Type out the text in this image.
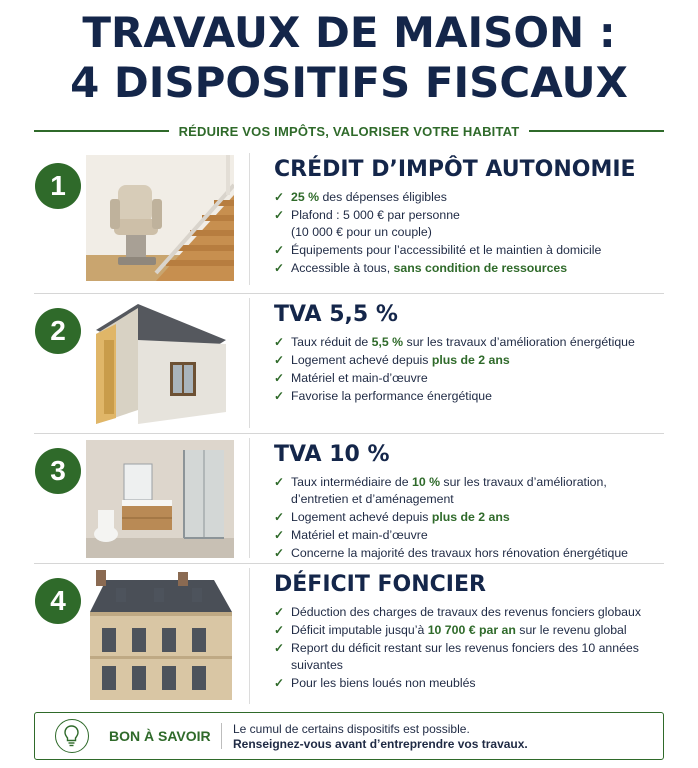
TRAVAUX DE MAISON :
4 DISPOSITIFS FISCAUX
RÉDUIRE VOS IMPÔTS, VALORISER VOTRE HABITAT
1
CRÉDIT D’IMPÔT AUTONOMIE
✓ 25 % des dépenses éligibles
✓ Plafond : 5 000 € par personne
(10 000 € pour un couple)
✓ Équipements pour l’accessibilité et le maintien à domicile
✓ Accessible à tous, sans condition de ressources
2
TVA 5,5 %
✓ Taux réduit de 5,5 % sur les travaux d’amélioration énergétique
✓ Logement achevé depuis plus de 2 ans
✓ Matériel et main-d’œuvre
✓ Favorise la performance énergétique
3
TVA 10 %
✓ Taux intermédiaire de 10 % sur les travaux d’amélioration, d’entretien et d’aménagement
✓ Logement achevé depuis plus de 2 ans
✓ Matériel et main-d’œuvre
✓ Concerne la majorité des travaux hors rénovation énergétique
4
DÉFICIT FONCIER
✓ Déduction des charges de travaux des revenus fonciers globaux
✓ Déficit imputable jusqu’à 10 700 € par an sur le revenu global
✓ Report du déficit restant sur les revenus fonciers des 10 années suivantes
✓ Pour les biens loués non meublés
BON À SAVOIR Le cumul de certains dispositifs est possible.
Renseignez-vous avant d’entreprendre vos travaux.
